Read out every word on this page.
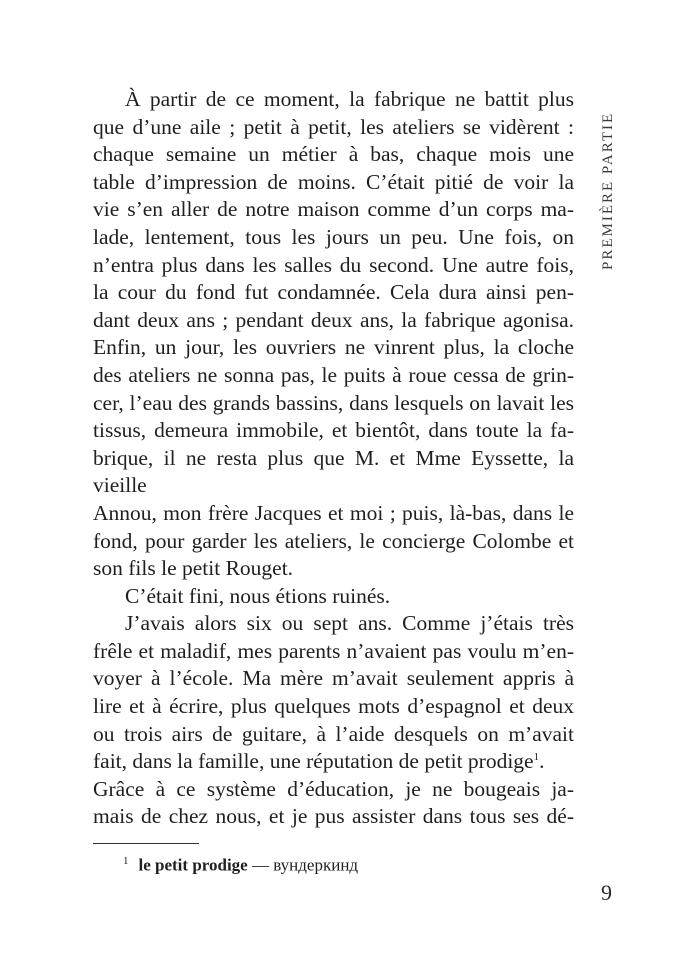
À partir de ce moment, la fabrique ne battit plus
que d’une aile ; petit à petit, les ateliers se vidèrent :
chaque semaine un métier à bas, chaque mois une
table d’impression de moins. C’était pitié de voir la
vie s’en aller de notre maison comme d’un corps ma-
lade, lentement, tous les jours un peu. Une fois, on
n’entra plus dans les salles du second. Une autre fois,
la cour du fond fut condamnée. Cela dura ainsi pen-
dant deux ans ; pendant deux ans, la fabrique agonisa.
Enfin, un jour, les ouvriers ne vinrent plus, la cloche
des ateliers ne sonna pas, le puits à roue cessa de grin-
cer, l’eau des grands bassins, dans lesquels on lavait les
tissus, demeura immobile, et bientôt, dans toute la fa-
brique, il ne resta plus que M. et Mme Eyssette, la vieille
Annou, mon frère Jacques et moi ; puis, là-bas, dans le
fond, pour garder les ateliers, le concierge Colombe et
son fils le petit Rouget.
C’était fini, nous étions ruinés.
J’avais alors six ou sept ans. Comme j’étais très
frêle et maladif, mes parents n’avaient pas voulu m’en-
voyer à l’école. Ma mère m’avait seulement appris à
lire et à écrire, plus quelques mots d’espagnol et deux
ou trois airs de guitare, à l’aide desquels on m’avait
fait, dans la famille, une réputation de petit prodige$^1$.
Grâce à ce système d’éducation, je ne bougeais ja-
mais de chez nous, et je pus assister dans tous ses dé-
PREMIÈRE PARTIE
$^1$ le petit prodige — вундеркинд
9
